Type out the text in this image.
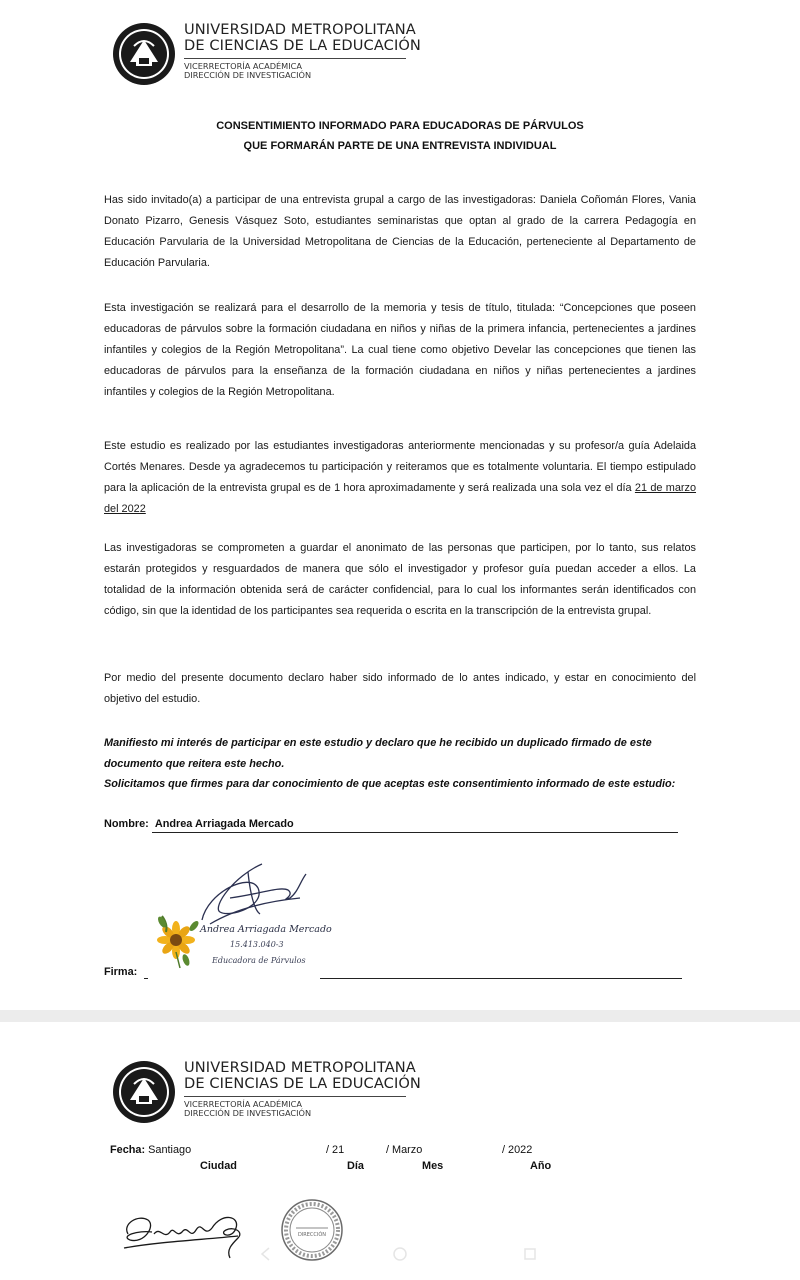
UNIVERSIDAD METROPOLITANA
DE CIENCIAS DE LA EDUCACIÓN
VICERRECTORÍA ACADÉMICA
DIRECCIÓN DE INVESTIGACIÓN
CONSENTIMIENTO INFORMADO PARA EDUCADORAS DE PÁRVULOS
QUE FORMARÁN PARTE DE UNA ENTREVISTA INDIVIDUAL
Has sido invitado(a) a participar de una entrevista grupal a cargo de las investigadoras: Daniela Coñomán Flores, Vania Donato Pizarro, Genesis Vásquez Soto, estudiantes seminaristas que optan al grado de la carrera Pedagogía en Educación Parvularia de la Universidad Metropolitana de Ciencias de la Educación, perteneciente al Departamento de Educación Parvularia.
Esta investigación se realizará para el desarrollo de la memoria y tesis de título, titulada: “Concepciones que poseen educadoras de párvulos sobre la formación ciudadana en niños y niñas de la primera infancia, pertenecientes a jardines infantiles y colegios de la Región Metropolitana”. La cual tiene como objetivo Develar las concepciones que tienen las educadoras de párvulos para la enseñanza de la formación ciudadana en niños y niñas pertenecientes a jardines infantiles y colegios de la Región Metropolitana.
Este estudio es realizado por las estudiantes investigadoras anteriormente mencionadas y su profesor/a guía Adelaida Cortés Menares. Desde ya agradecemos tu participación y reiteramos que es totalmente voluntaria. El tiempo estipulado para la aplicación de la entrevista grupal es de 1 hora aproximadamente y será realizada una sola vez el día 21 de marzo del 2022
Las investigadoras se comprometen a guardar el anonimato de las personas que participen, por lo tanto, sus relatos estarán protegidos y resguardados de manera que sólo el investigador y profesor guía puedan acceder a ellos. La totalidad de la información obtenida será de carácter confidencial, para lo cual los informantes serán identificados con código, sin que la identidad de los participantes sea requerida o escrita en la transcripción de la entrevista grupal.
Por medio del presente documento declaro haber sido informado de lo antes indicado, y estar en conocimiento del objetivo del estudio.
Manifiesto mi interés de participar en este estudio y declaro que he recibido un duplicado firmado de este documento que reitera este hecho.
Solicitamos que firmes para dar conocimiento de que aceptas este consentimiento informado de este estudio:
Nombre: Andrea Arriagada Mercado
Andrea Arriagada Mercado
15.413.040-3
Educadora de Párvulos
Firma:
UNIVERSIDAD METROPOLITANA
DE CIENCIAS DE LA EDUCACIÓN
VICERRECTORÍA ACADÉMICA
DIRECCIÓN DE INVESTIGACIÓN
Fecha: Santiago	/ 21	/ Marzo	/ 2022
Ciudad	Día	Mes	Año
DIRECCIÓN
